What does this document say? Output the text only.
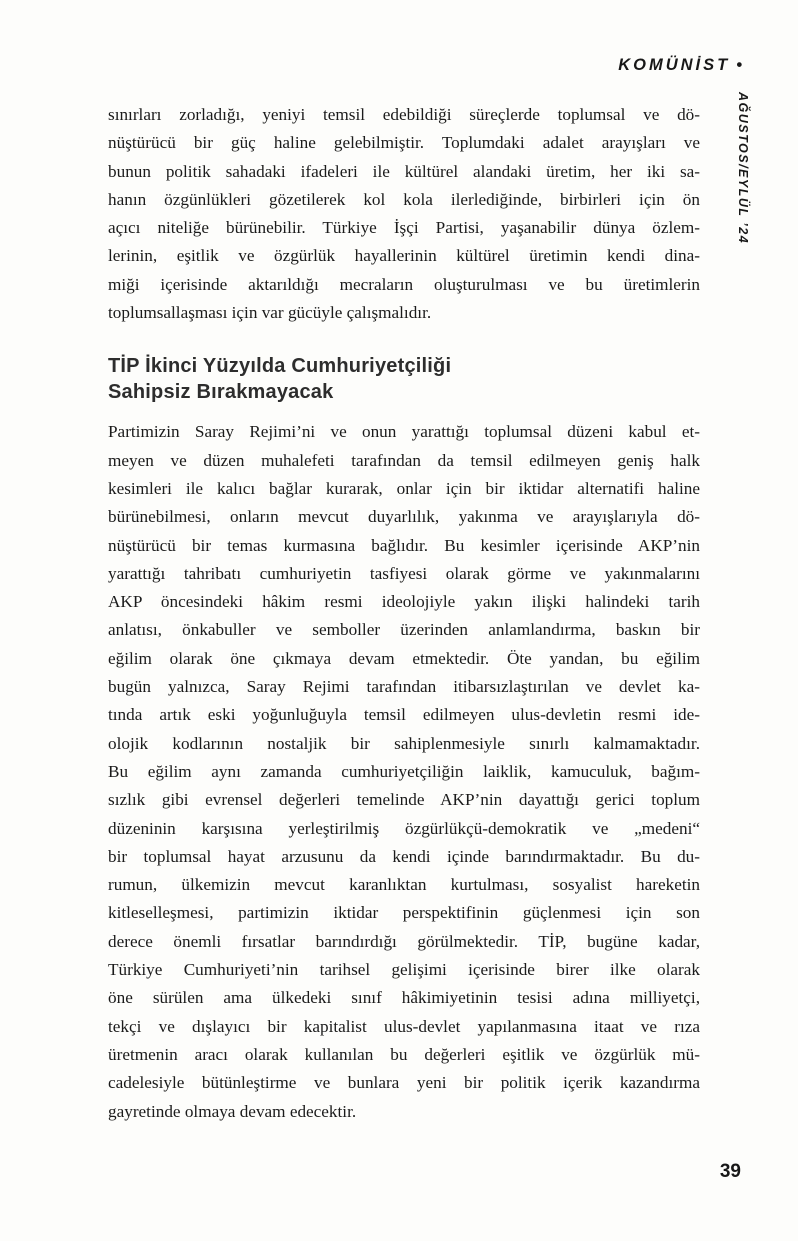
KOMÜNİST •
AĞUSTOS/EYLÜL ’24
sınırları zorladığı, yeniyi temsil edebildiği süreçlerde toplumsal ve dö-
nüştürücü bir güç haline gelebilmiştir. Toplumdaki adalet arayışları ve
bunun politik sahadaki ifadeleri ile kültürel alandaki üretim, her iki sa-
hanın özgünlükleri gözetilerek kol kola ilerlediğinde, birbirleri için ön
açıcı niteliğe bürünebilir. Türkiye İşçi Partisi, yaşanabilir dünya özlem-
lerinin, eşitlik ve özgürlük hayallerinin kültürel üretimin kendi dina-
miği içerisinde aktarıldığı mecraların oluşturulması ve bu üretimlerin
toplumsallaşması için var gücüyle çalışmalıdır.
TİP İkinci Yüzyılda Cumhuriyetçiliği
Sahipsiz Bırakmayacak
Partimizin Saray Rejimi’ni ve onun yarattığı toplumsal düzeni kabul et-
meyen ve düzen muhalefeti tarafından da temsil edilmeyen geniş halk
kesimleri ile kalıcı bağlar kurarak, onlar için bir iktidar alternatifi haline
bürünebilmesi, onların mevcut duyarlılık, yakınma ve arayışlarıyla dö-
nüştürücü bir temas kurmasına bağlıdır. Bu kesimler içerisinde AKP’nin
yarattığı tahribatı cumhuriyetin tasfiyesi olarak görme ve yakınmalarını
AKP öncesindeki hâkim resmi ideolojiyle yakın ilişki halindeki tarih
anlatısı, önkabuller ve semboller üzerinden anlamlandırma, baskın bir
eğilim olarak öne çıkmaya devam etmektedir. Öte yandan, bu eğilim
bugün yalnızca, Saray Rejimi tarafından itibarsızlaştırılan ve devlet ka-
tında artık eski yoğunluğuyla temsil edilmeyen ulus-devletin resmi ide-
olojik kodlarının nostaljik bir sahiplenmesiyle sınırlı kalmamaktadır.
Bu eğilim aynı zamanda cumhuriyetçiliğin laiklik, kamuculuk, bağım-
sızlık gibi evrensel değerleri temelinde AKP’nin dayattığı gerici toplum
düzeninin karşısına yerleştirilmiş özgürlükçü-demokratik ve „medeni“
bir toplumsal hayat arzusunu da kendi içinde barındırmaktadır. Bu du-
rumun, ülkemizin mevcut karanlıktan kurtulması, sosyalist hareketin
kitleselleşmesi, partimizin iktidar perspektifinin güçlenmesi için son
derece önemli fırsatlar barındırdığı görülmektedir. TİP, bugüne kadar,
Türkiye Cumhuriyeti’nin tarihsel gelişimi içerisinde birer ilke olarak
öne sürülen ama ülkedeki sınıf hâkimiyetinin tesisi adına milliyetçi,
tekçi ve dışlayıcı bir kapitalist ulus-devlet yapılanmasına itaat ve rıza
üretmenin aracı olarak kullanılan bu değerleri eşitlik ve özgürlük mü-
cadelesiyle bütünleştirme ve bunlara yeni bir politik içerik kazandırma
gayretinde olmaya devam edecektir.
39
